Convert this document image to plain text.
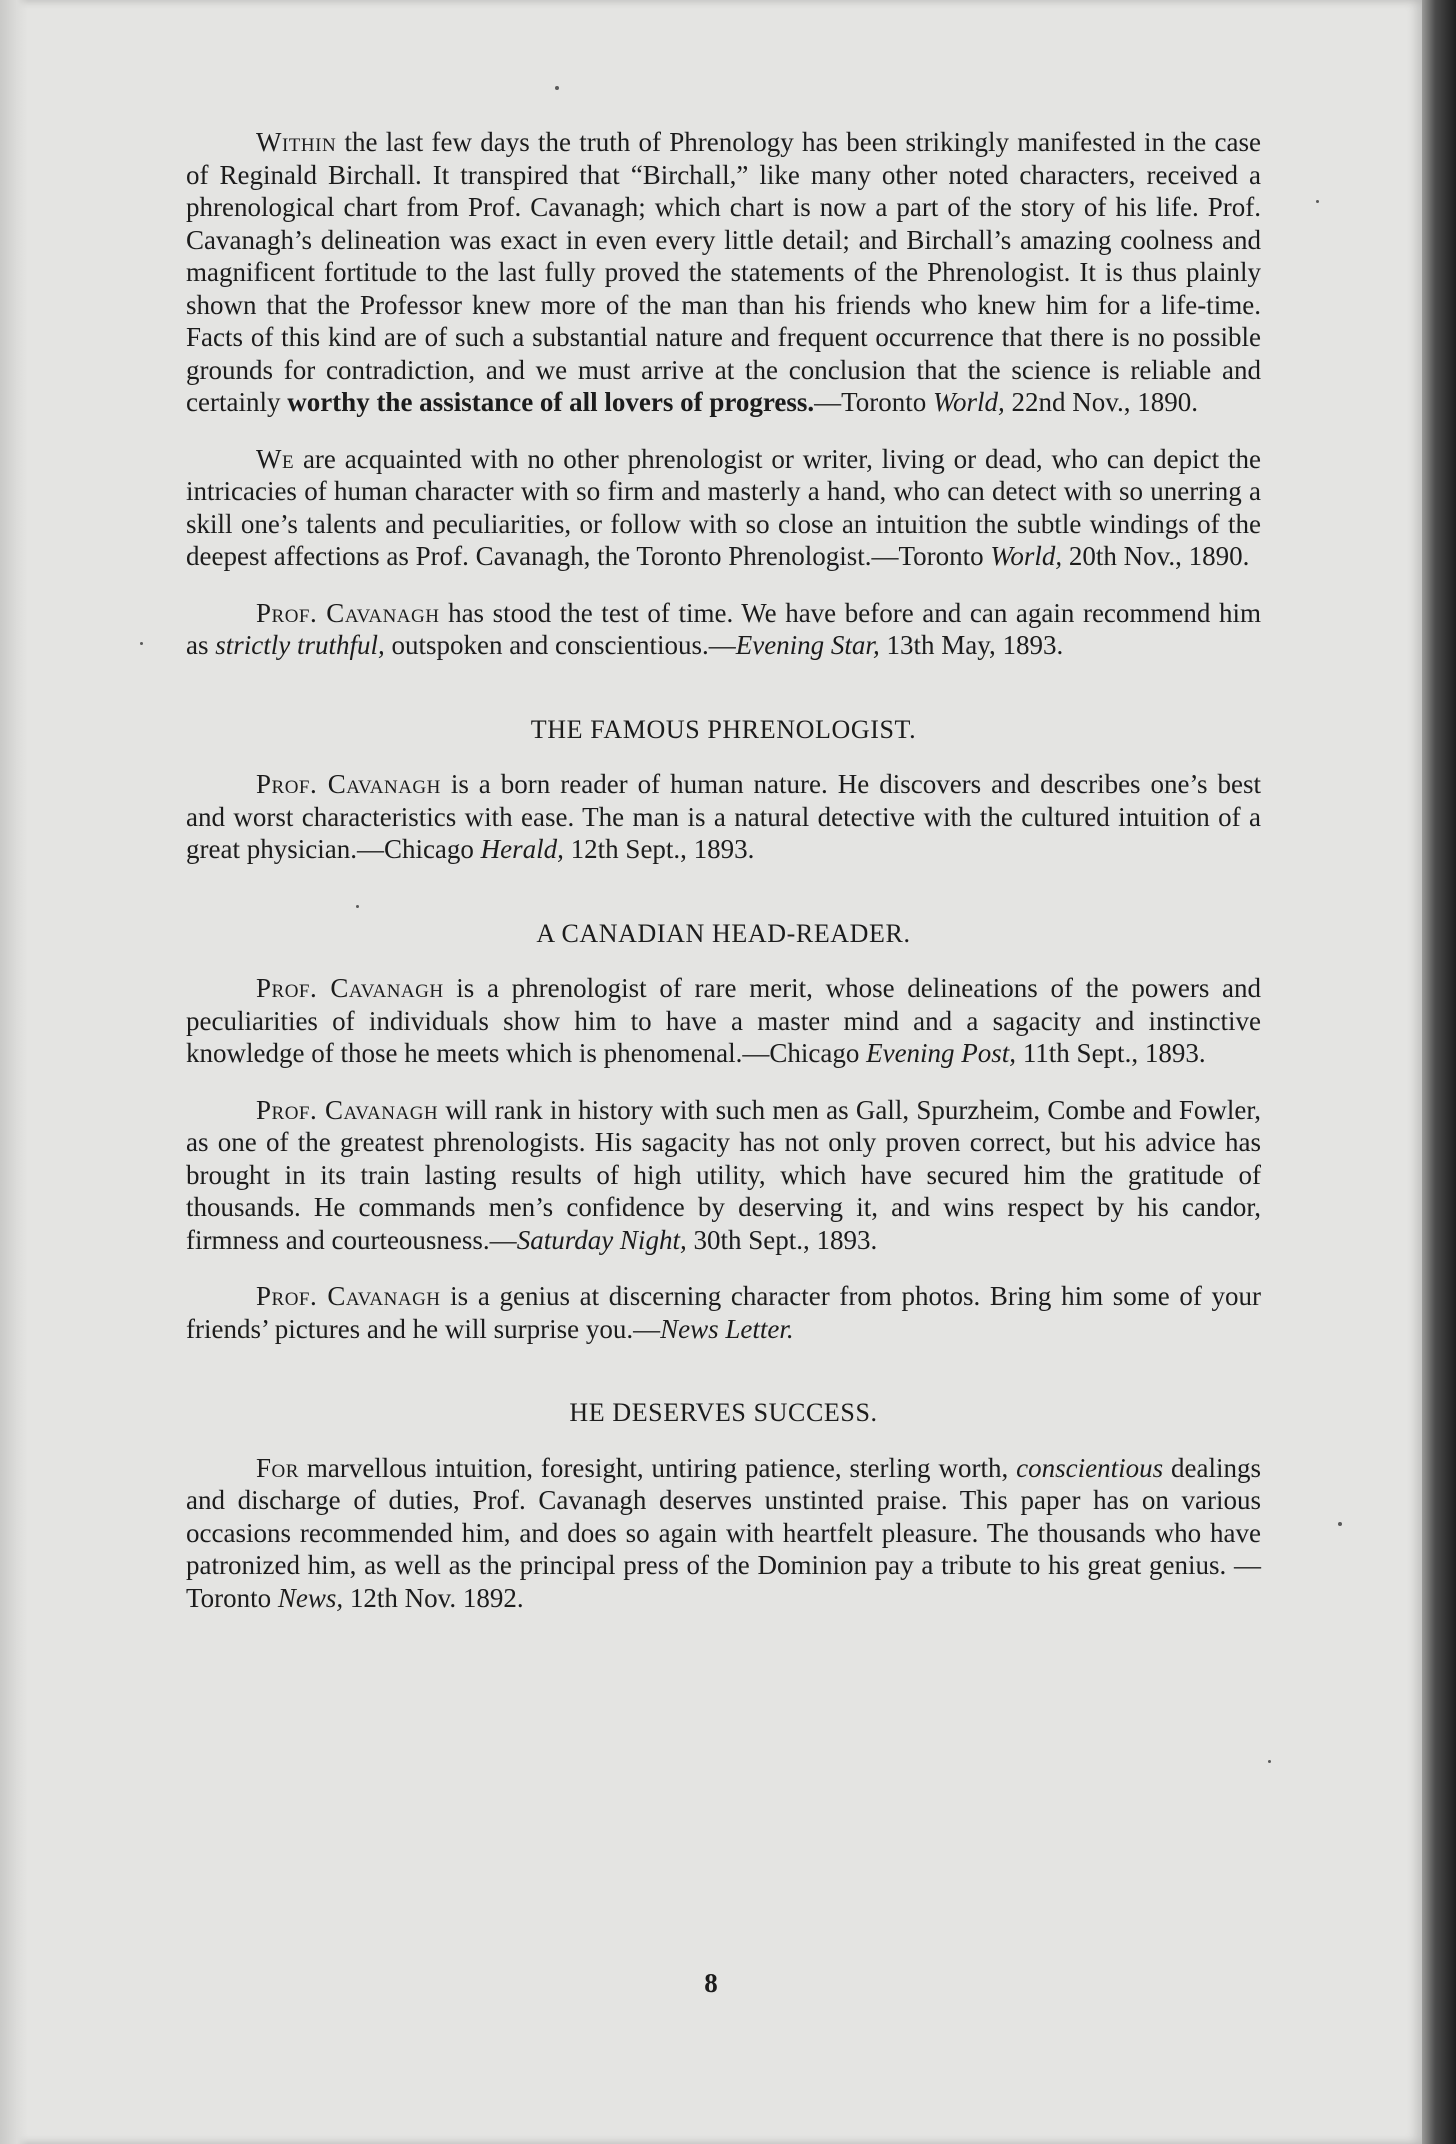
Within the last few days the truth of Phrenology has been strikingly manifested in the case of Reginald Birchall. It transpired that “Birchall,” like many other noted characters, received a phrenological chart from Prof. Cavanagh; which chart is now a part of the story of his life. Prof. Cavanagh’s delineation was exact in even every little detail; and Birchall’s amazing coolness and magnificent fortitude to the last fully proved the statements of the Phrenologist. It is thus plainly shown that the Professor knew more of the man than his friends who knew him for a life-time. Facts of this kind are of such a substantial nature and frequent occurrence that there is no possible grounds for contradiction, and we must arrive at the conclusion that the science is reliable and certainly worthy the assistance of all lovers of progress.—Toronto World, 22nd Nov., 1890.

We are acquainted with no other phrenologist or writer, living or dead, who can depict the intricacies of human character with so firm and masterly a hand, who can detect with so unerring a skill one’s talents and peculiarities, or follow with so close an intuition the subtle windings of the deepest affections as Prof. Cavanagh, the Toronto Phrenologist.—Toronto World, 20th Nov., 1890.

Prof. Cavanagh has stood the test of time. We have before and can again recommend him as strictly truthful, outspoken and conscientious.—Evening Star, 13th May, 1893.

THE FAMOUS PHRENOLOGIST.

Prof. Cavanagh is a born reader of human nature. He discovers and describes one’s best and worst characteristics with ease. The man is a natural detective with the cultured intuition of a great physician.—Chicago Herald, 12th Sept., 1893.

A CANADIAN HEAD-READER.

Prof. Cavanagh is a phrenologist of rare merit, whose delineations of the powers and peculiarities of individuals show him to have a master mind and a sagacity and instinctive knowledge of those he meets which is phenomenal.—Chicago Evening Post, 11th Sept., 1893.

Prof. Cavanagh will rank in history with such men as Gall, Spurzheim, Combe and Fowler, as one of the greatest phrenologists. His sagacity has not only proven correct, but his advice has brought in its train lasting results of high utility, which have secured him the gratitude of thousands. He commands men’s confidence by deserving it, and wins respect by his candor, firmness and courteousness.—Saturday Night, 30th Sept., 1893.

Prof. Cavanagh is a genius at discerning character from photos. Bring him some of your friends’ pictures and he will surprise you.—News Letter.

HE DESERVES SUCCESS.

For marvellous intuition, foresight, untiring patience, sterling worth, conscientious dealings and discharge of duties, Prof. Cavanagh deserves unstinted praise. This paper has on various occasions recommended him, and does so again with heartfelt pleasure. The thousands who have patronized him, as well as the principal press of the Dominion pay a tribute to his great genius. —Toronto News, 12th Nov. 1892.

8
